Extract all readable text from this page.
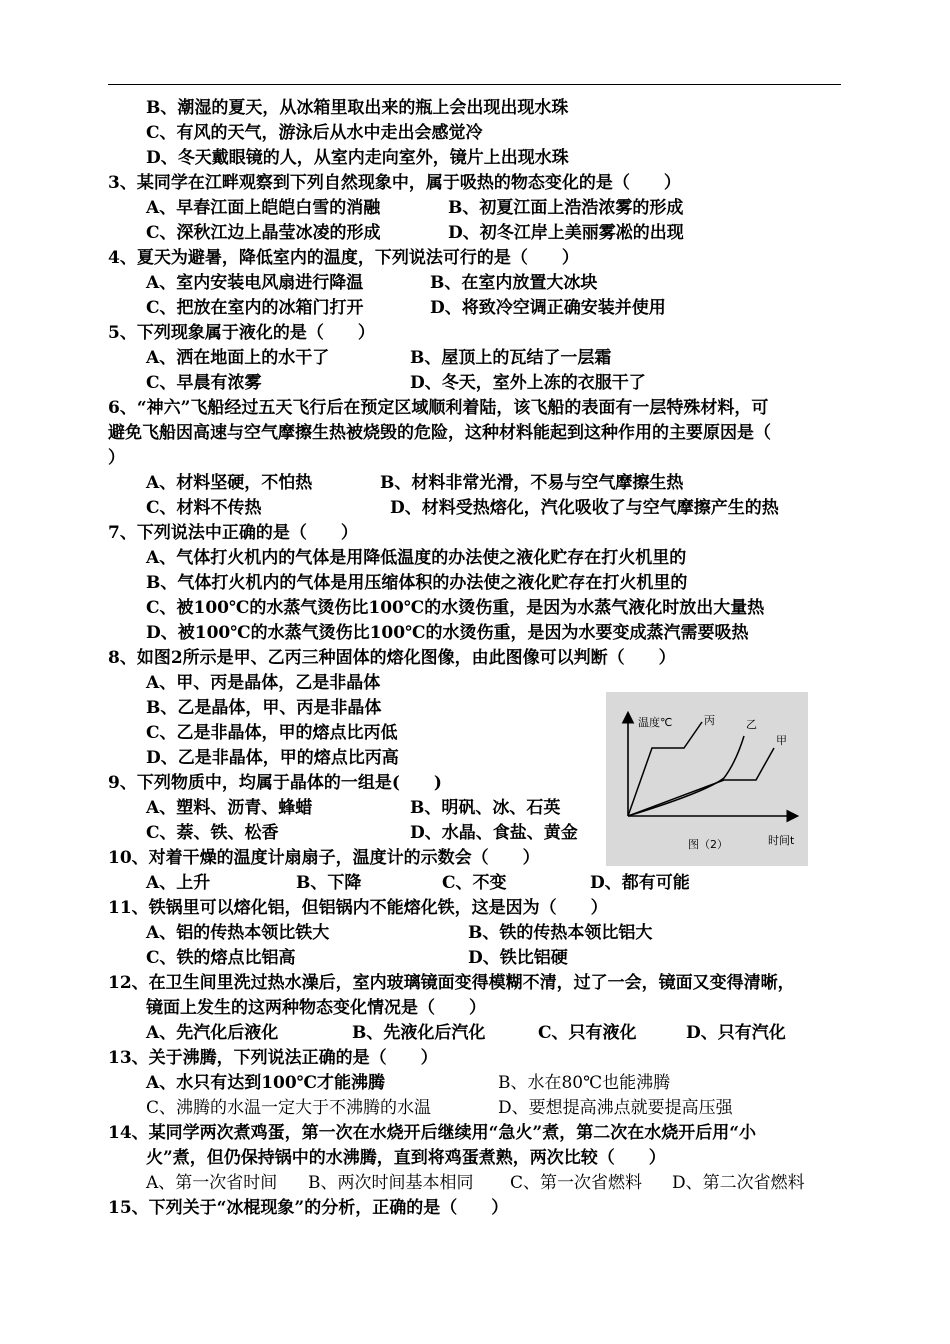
B、潮湿的夏天，从冰箱里取出来的瓶上会出现出现水珠
C、有风的天气，游泳后从水中走出会感觉冷
D、冬天戴眼镜的人，从室内走向室外，镜片上出现水珠
3、某同学在江畔观察到下列自然现象中，属于吸热的物态变化的是（　　）
A、早春江面上皑皑白雪的消融	B、初夏江面上浩浩浓雾的形成
C、深秋江边上晶莹冰凌的形成	D、初冬江岸上美丽雾凇的出现
4、夏天为避暑，降低室内的温度，下列说法可行的是（　　）
A、室内安装电风扇进行降温	B、在室内放置大冰块
C、把放在室内的冰箱门打开	D、将致冷空调正确安装并使用
5、下列现象属于液化的是（　　）
A、洒在地面上的水干了	B、屋顶上的瓦结了一层霜
C、早晨有浓雾	D、冬天，室外上冻的衣服干了
6、“神六”飞船经过五天飞行后在预定区域顺利着陆，该飞船的表面有一层特殊材料，可
避免飞船因高速与空气摩擦生热被烧毁的危险，这种材料能起到这种作用的主要原因是（
）
A、材料坚硬，不怕热	B、材料非常光滑，不易与空气摩擦生热
C、材料不传热	D、材料受热熔化，汽化吸收了与空气摩擦产生的热
7、下列说法中正确的是（　　）
A、气体打火机内的气体是用降低温度的办法使之液化贮存在打火机里的
B、气体打火机内的气体是用压缩体积的办法使之液化贮存在打火机里的
C、被100℃的水蒸气烫伤比100℃的水烫伤重，是因为水蒸气液化时放出大量热
D、被100℃的水蒸气烫伤比100℃的水烫伤重，是因为水要变成蒸汽需要吸热
8、如图2所示是甲、乙丙三种固体的熔化图像，由此图像可以判断（　　）
A、甲、丙是晶体，乙是非晶体
B、乙是晶体，甲、丙是非晶体
C、乙是非晶体，甲的熔点比丙低
D、乙是非晶体，甲的熔点比丙高
9、下列物质中，均属于晶体的一组是(　　)
A、塑料、沥青、蜂蜡	B、明矾、冰、石英
C、萘、铁、松香	D、水晶、食盐、黄金
10、对着干燥的温度计扇扇子，温度计的示数会（　　）
A、上升	B、下降	C、不变	D、都有可能
11、铁锅里可以熔化铝，但铝锅内不能熔化铁，这是因为（　　）
A、铝的传热本领比铁大	B、铁的传热本领比铝大
C、铁的熔点比铝高	D、铁比铝硬
12、在卫生间里洗过热水澡后，室内玻璃镜面变得模糊不清，过了一会，镜面又变得清晰，
镜面上发生的这两种物态变化情况是（　　）
A、先汽化后液化	B、先液化后汽化	C、只有液化	D、只有汽化
13、关于沸腾，下列说法正确的是（　　）
A、水只有达到100℃才能沸腾	B、水在80℃也能沸腾
C、沸腾的水温一定大于不沸腾的水温	D、要想提高沸点就要提高压强
14、某同学两次煮鸡蛋，第一次在水烧开后继续用“急火”煮，第二次在水烧开后用“小
火”煮，但仍保持锅中的水沸腾，直到将鸡蛋煮熟，两次比较（　　）
A、第一次省时间 B、两次时间基本相同 C、第一次省燃料 D、第二次省燃料
15、下列关于“冰棍现象”的分析，正确的是（　　）
温度℃
时间t
图（2）
丙	乙
甲
